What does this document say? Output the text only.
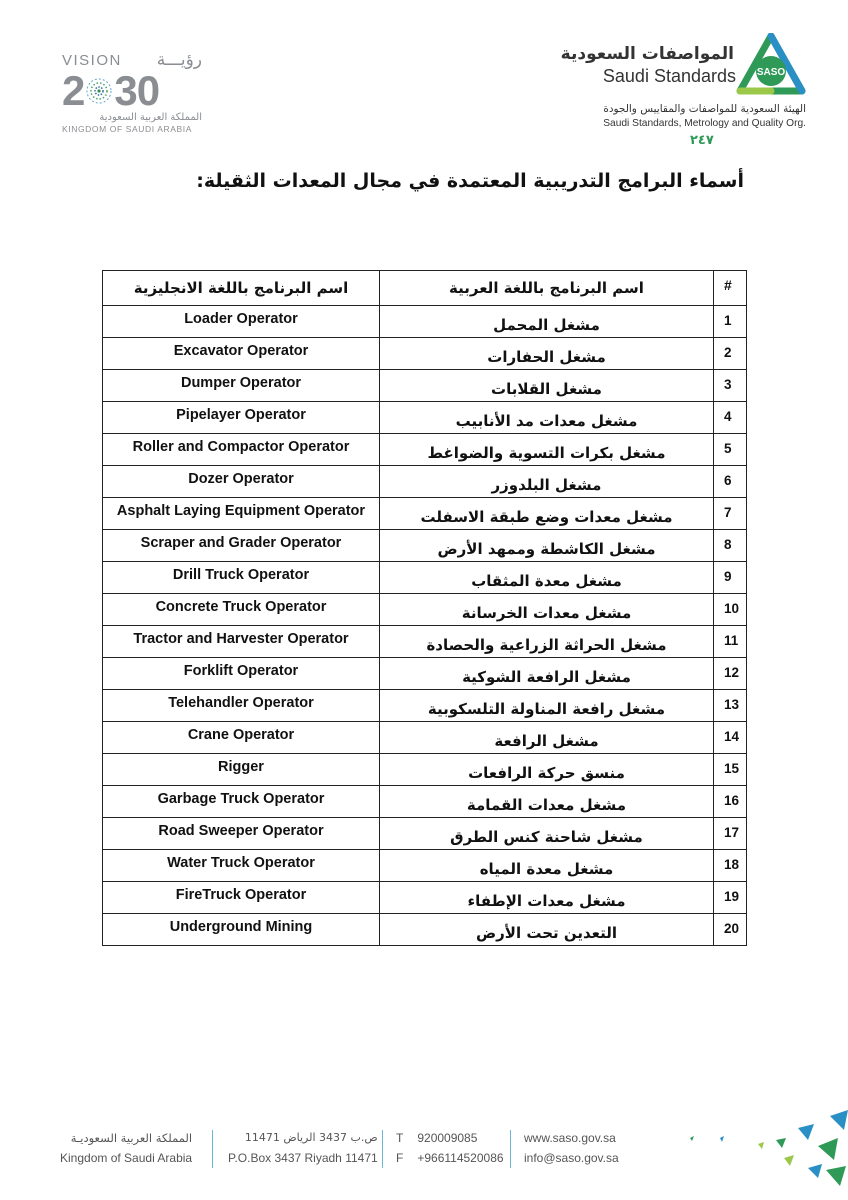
VISION رؤيـــة
2 30
المملكة العربية السعودية
KINGDOM OF SAUDI ARABIA
SASO
المواصفات السعودية
Saudi Standards
الهيئة السعودية للمواصفات والمقاييس والجودة
Saudi Standards, Metrology and Quality Org.
٢٤٧
أسماء البرامج التدريبية المعتمدة في مجال المعدات الثقيلة:
#	اسم البرنامج باللغة العربية	اسم البرنامج باللغة الانجليزية
1	مشغل المحمل	Loader Operator
2	مشغل الحفارات	Excavator Operator
3	مشغل القلابات	Dumper Operator
4	مشغل معدات مد الأنابيب	Pipelayer Operator
5	مشغل بكرات التسوية والضواغط	Roller and Compactor Operator
6	مشغل البلدوزر	Dozer Operator
7	مشغل معدات وضع طبقة الاسفلت	Asphalt Laying Equipment Operator
8	مشغل الكاشطة وممهد الأرض	Scraper and Grader Operator
9	مشغل معدة المثقاب	Drill Truck Operator
10	مشغل معدات الخرسانة	Concrete Truck Operator
11	مشغل الحراثة الزراعية والحصادة	Tractor and Harvester Operator
12	مشغل الرافعة الشوكية	Forklift Operator
13	مشغل رافعة المناولة التلسكوبية	Telehandler Operator
14	مشغل الرافعة	Crane Operator
15	منسق حركة الرافعات	Rigger
16	مشغل معدات القمامة	Garbage Truck Operator
17	مشغل شاحنة كنس الطرق	Road Sweeper Operator
18	مشغل معدة المياه	Water Truck Operator
19	مشغل معدات الإطفاء	FireTruck Operator
20	التعدين تحت الأرض	Underground Mining
المملكة العربية السعوديـة
Kingdom of Saudi Arabia
ص.ب 3437 الرياض 11471
P.O.Box 3437 Riyadh 11471
T 920009085
F +966114520086
www.saso.gov.sa
info@saso.gov.sa
